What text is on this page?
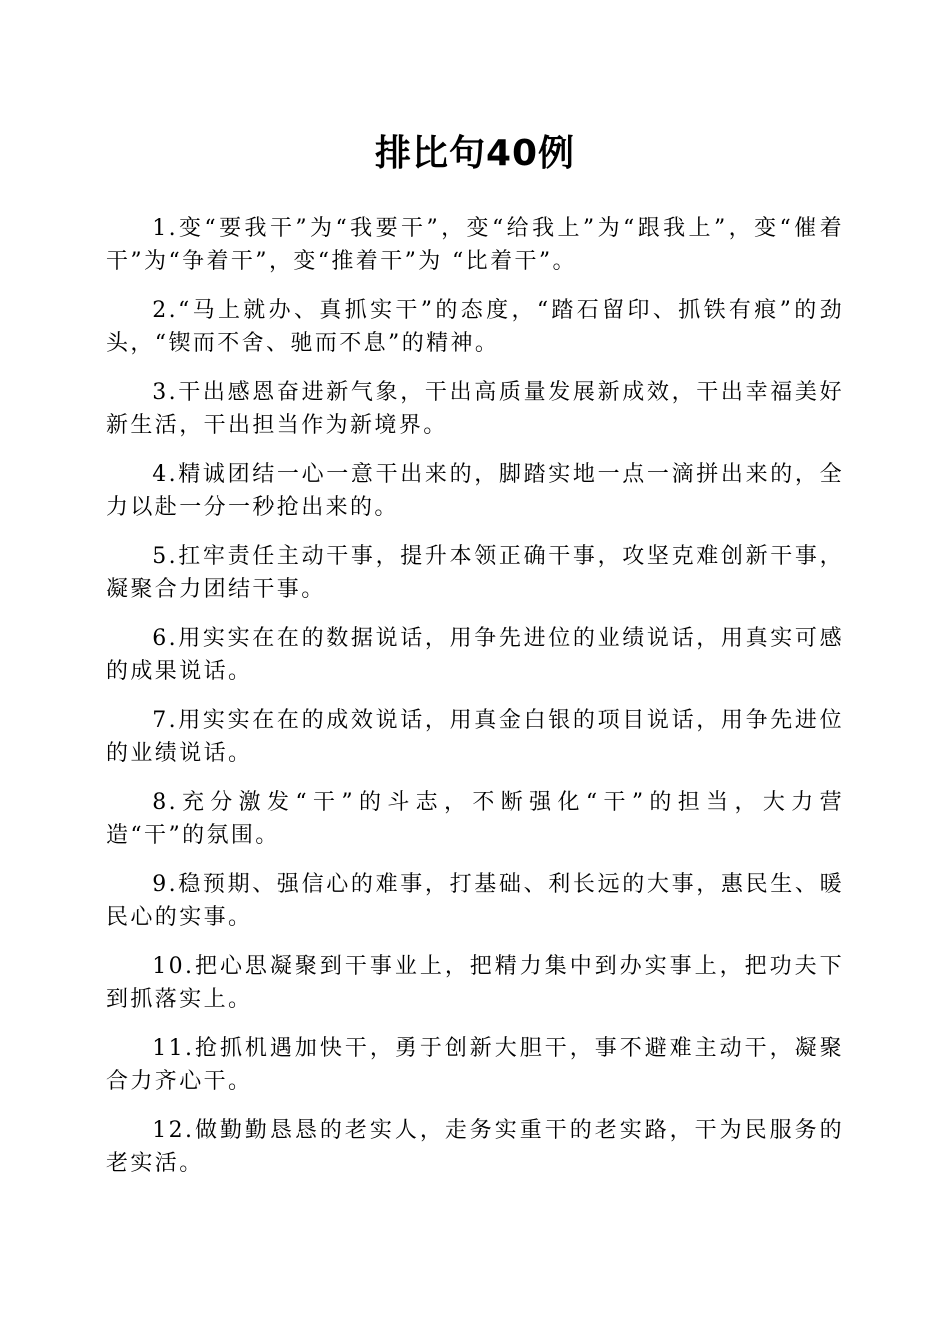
排比句40例

1.变“要我干”为“我要干”，变“给我上”为“跟我上”，变“催着干”为“争着干”，变“推着干”为 “比着干”。

2.“马上就办、真抓实干”的态度，“踏石留印、抓铁有痕”的劲头，“锲而不舍、驰而不息”的精神。

3.干出感恩奋进新气象，干出高质量发展新成效，干出幸福美好新生活，干出担当作为新境界。

4.精诚团结一心一意干出来的，脚踏实地一点一滴拼出来的，全力以赴一分一秒抢出来的。

5.扛牢责任主动干事，提升本领正确干事，攻坚克难创新干事，凝聚合力团结干事。

6.用实实在在的数据说话，用争先进位的业绩说话，用真实可感的成果说话。

7.用实实在在的成效说话，用真金白银的项目说话，用争先进位的业绩说话。

8.充分激发“干”的斗志，不断强化“干”的担当，大力营造“干”的氛围。

9.稳预期、强信心的难事，打基础、利长远的大事，惠民生、暖民心的实事。

10.把心思凝聚到干事业上，把精力集中到办实事上，把功夫下到抓落实上。

11.抢抓机遇加快干，勇于创新大胆干，事不避难主动干，凝聚合力齐心干。

12.做勤勤恳恳的老实人，走务实重干的老实路，干为民服务的老实活。
